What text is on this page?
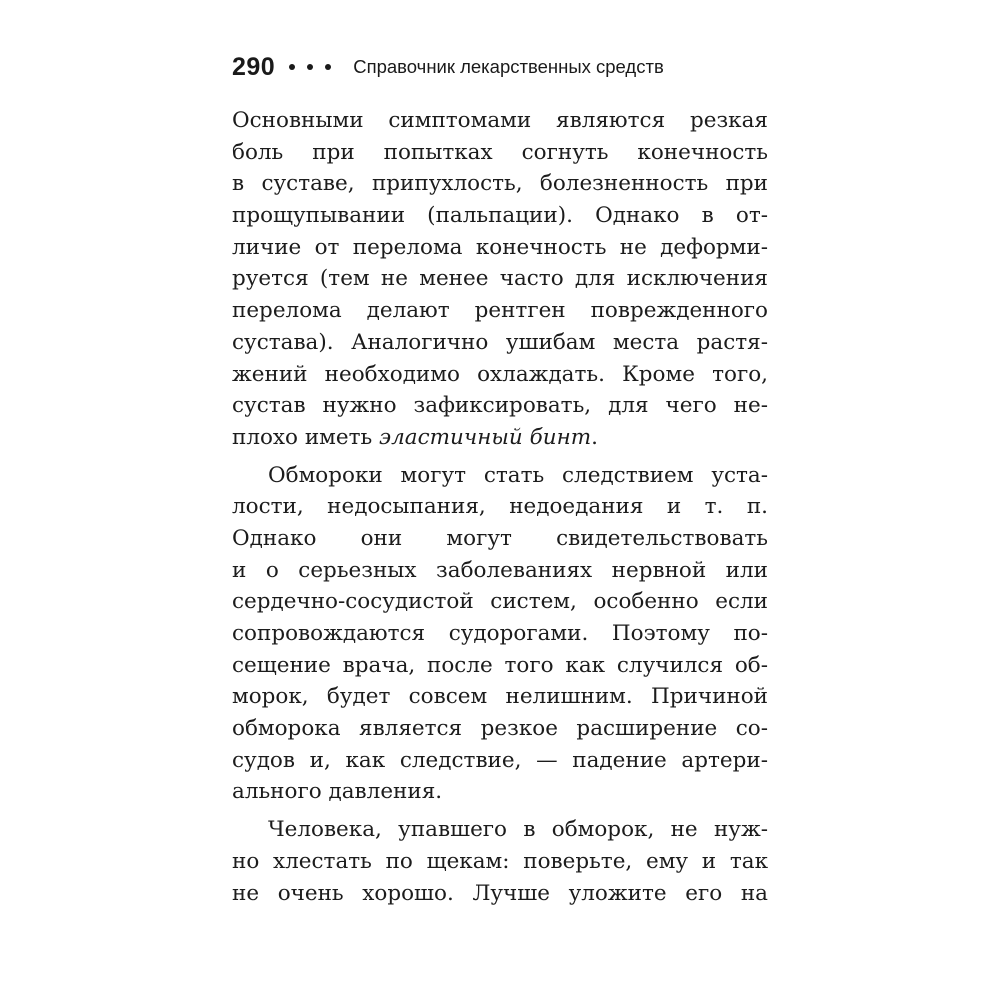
290	Справочник лекарственных средств
Основными симптомами являются резкая
боль при попытках согнуть конечность
в суставе, припухлость, болезненность при
прощупывании (пальпации). Однако в от-
личие от перелома конечность не деформи-
руется (тем не менее часто для исключения
перелома делают рентген поврежденного
сустава). Аналогично ушибам места растя-
жений необходимо охлаждать. Кроме того,
сустав нужно зафиксировать, для чего не-
плохо иметь эластичный бинт.
Обмороки могут стать следствием уста-
лости, недосыпания, недоедания и т. п.
Однако они могут свидетельствовать
и о серьезных заболеваниях нервной или
сердечно-сосудистой систем, особенно если
сопровождаются судорогами. Поэтому по-
сещение врача, после того как случился об-
морок, будет совсем нелишним. Причиной
обморока является резкое расширение со-
судов и, как следствие, — падение артери-
ального давления.
Человека, упавшего в обморок, не нуж-
но хлестать по щекам: поверьте, ему и так
не очень хорошо. Лучше уложите его на
